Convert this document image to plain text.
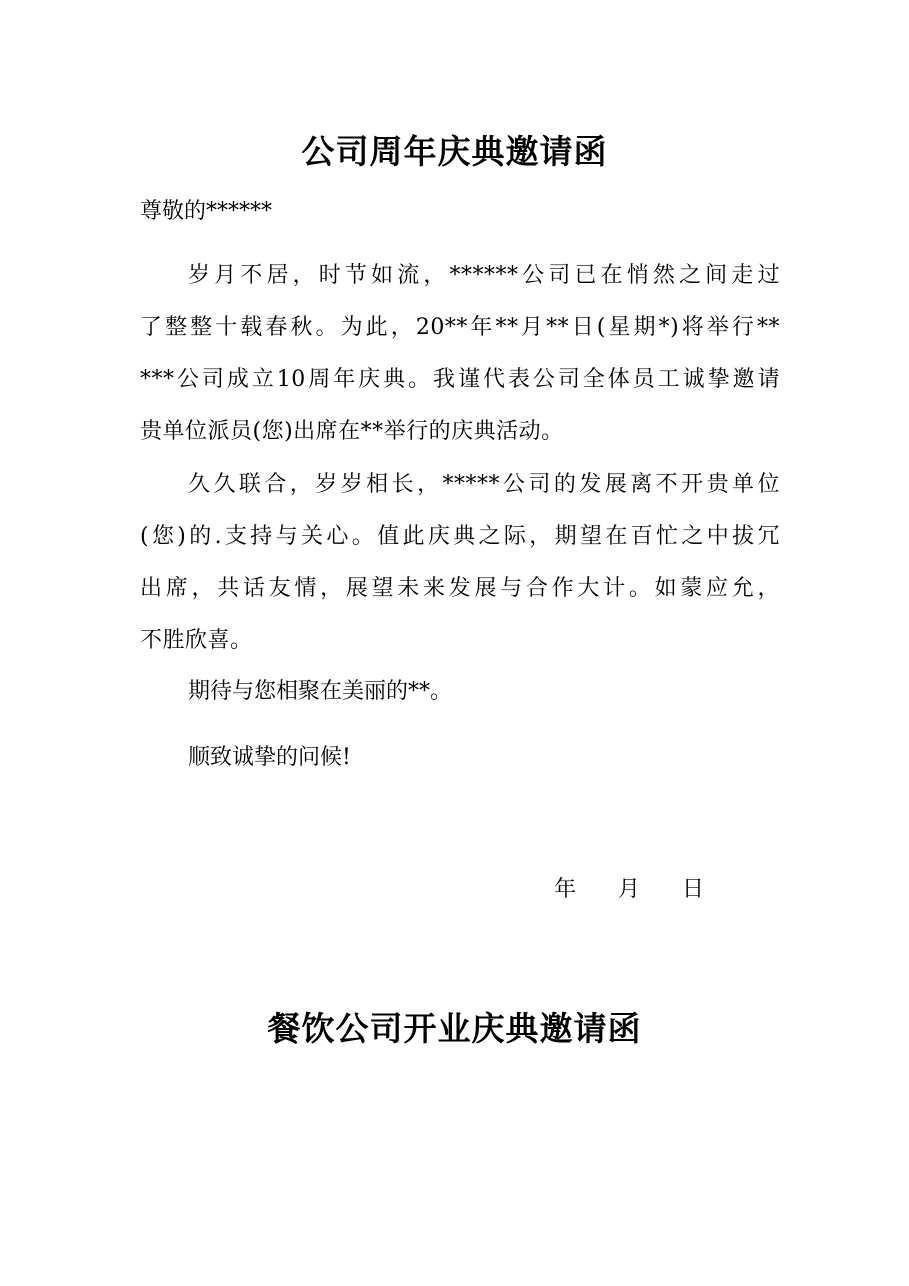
公司周年庆典邀请函
尊敬的******
岁月不居，时节如流，******公司已在悄然之间走过
了整整十载春秋。为此，20**年**月**日(星期*)将举行**
***公司成立10周年庆典。我谨代表公司全体员工诚挚邀请
贵单位派员(您)出席在**举行的庆典活动。
久久联合，岁岁相长，*****公司的发展离不开贵单位
(您)的.支持与关心。值此庆典之际，期望在百忙之中拔冗
出席，共话友情，展望未来发展与合作大计。如蒙应允，
不胜欣喜。
期待与您相聚在美丽的**。
顺致诚挚的问候!
年  月  日
餐饮公司开业庆典邀请函
